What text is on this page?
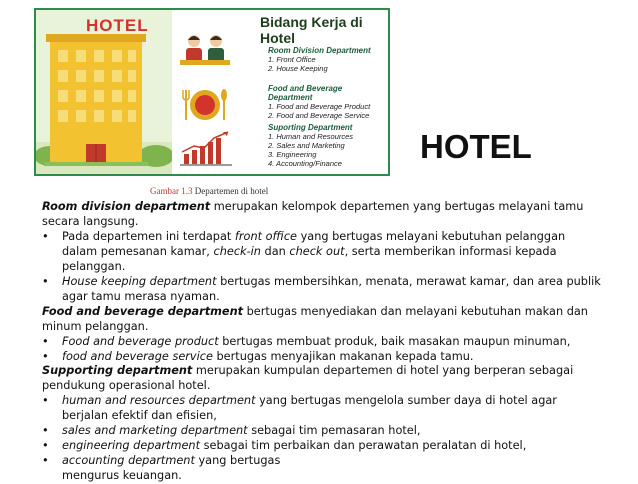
HOTEL	Bidang Kerja di Hotel
Room Division Department
1. Front Office
2. House Keeping
Food and Beverage Department
1. Food and Beverage Product
2. Food and Beverage Service
Suporting Department
1. Human and Resources
2. Sales and Marketing
3. Engineering
4. Accounting/Finance
Gambar 1.3 Departemen di hotel
HOTEL

Room division department merupakan kelompok departemen yang bertugas melayani tamu secara langsung.

• Pada departemen ini terdapat front office yang bertugas melayani kebutuhan pelanggan dalam pemesanan kamar, check-in dan check out, serta memberikan informasi kepada pelanggan.

• House keeping department bertugas membersihkan, menata, merawat kamar, dan area publik agar tamu merasa nyaman.

Food and beverage department bertugas menyediakan dan melayani kebutuhan makan dan minum pelanggan.

• Food and beverage product bertugas membuat produk, baik masakan maupun minuman,

• food and beverage service bertugas menyajikan makanan kepada tamu.

Supporting department merupakan kumpulan departemen di hotel yang berperan sebagai pendukung operasional hotel.

• human and resources department yang bertugas mengelola sumber daya di hotel agar berjalan efektif dan efisien,

• sales and marketing department sebagai tim pemasaran hotel,

• engineering department sebagai tim perbaikan dan perawatan peralatan di hotel,

• accounting department yang bertugas
mengurus keuangan.
